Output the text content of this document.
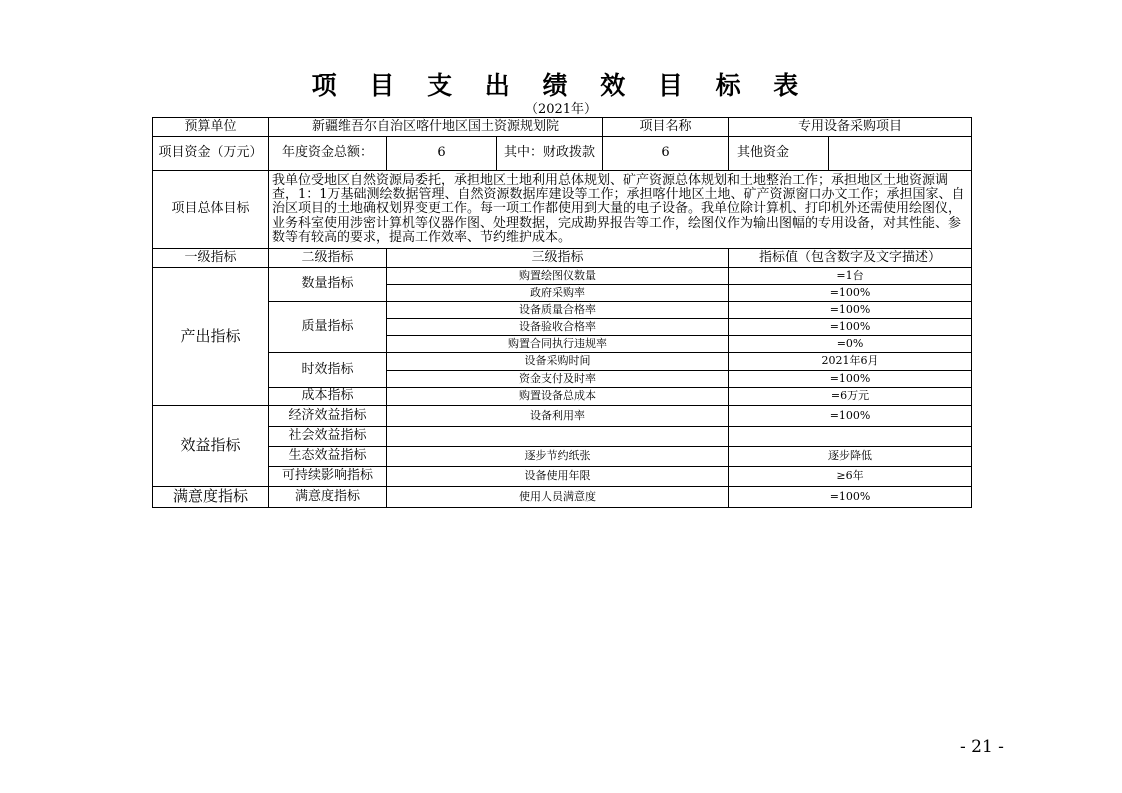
项 目 支 出 绩 效 目 标 表
（2021年）
预算单位	新疆维吾尔自治区喀什地区国土资源规划院			项目名称	专用设备采购项目	
项目资金（万元）	年度资金总额：	6	其中：财政拨款	6	其他资金	
项目总体目标	我单位受地区自然资源局委托，承担地区土地利用总体规划、矿产资源总体规划和土地整治工作；承担地区土地资源调查，1：1万基础测绘数据管理、自然资源数据库建设等工作；承担喀什地区土地、矿产资源窗口办文工作；承担国家、自治区项目的土地确权划界变更工作。每一项工作都使用到大量的电子设备。我单位除计算机、打印机外还需使用绘图仪，业务科室使用涉密计算机等仪器作图、处理数据，完成勘界报告等工作，绘图仪作为输出图幅的专用设备，对其性能、参数等有较高的要求，提高工作效率、节约维护成本。					
一级指标	二级指标	三级指标			指标值（包含数字及文字描述）	
产出指标	数量指标	购置绘图仪数量			=1台	
		政府采购率			=100%	
	质量指标	设备质量合格率			=100%	
		设备验收合格率			=100%	
		购置合同执行违规率			=0%	
	时效指标	设备采购时间			2021年6月	
		资金支付及时率			=100%	
	成本指标	购置设备总成本			=6万元	
效益指标	经济效益指标	设备利用率			=100%	
	社会效益指标					
	生态效益指标	逐步节约纸张			逐步降低	
	可持续影响指标	设备使用年限			≥6年	
满意度指标	满意度指标	使用人员满意度			=100%	
- 21 -
